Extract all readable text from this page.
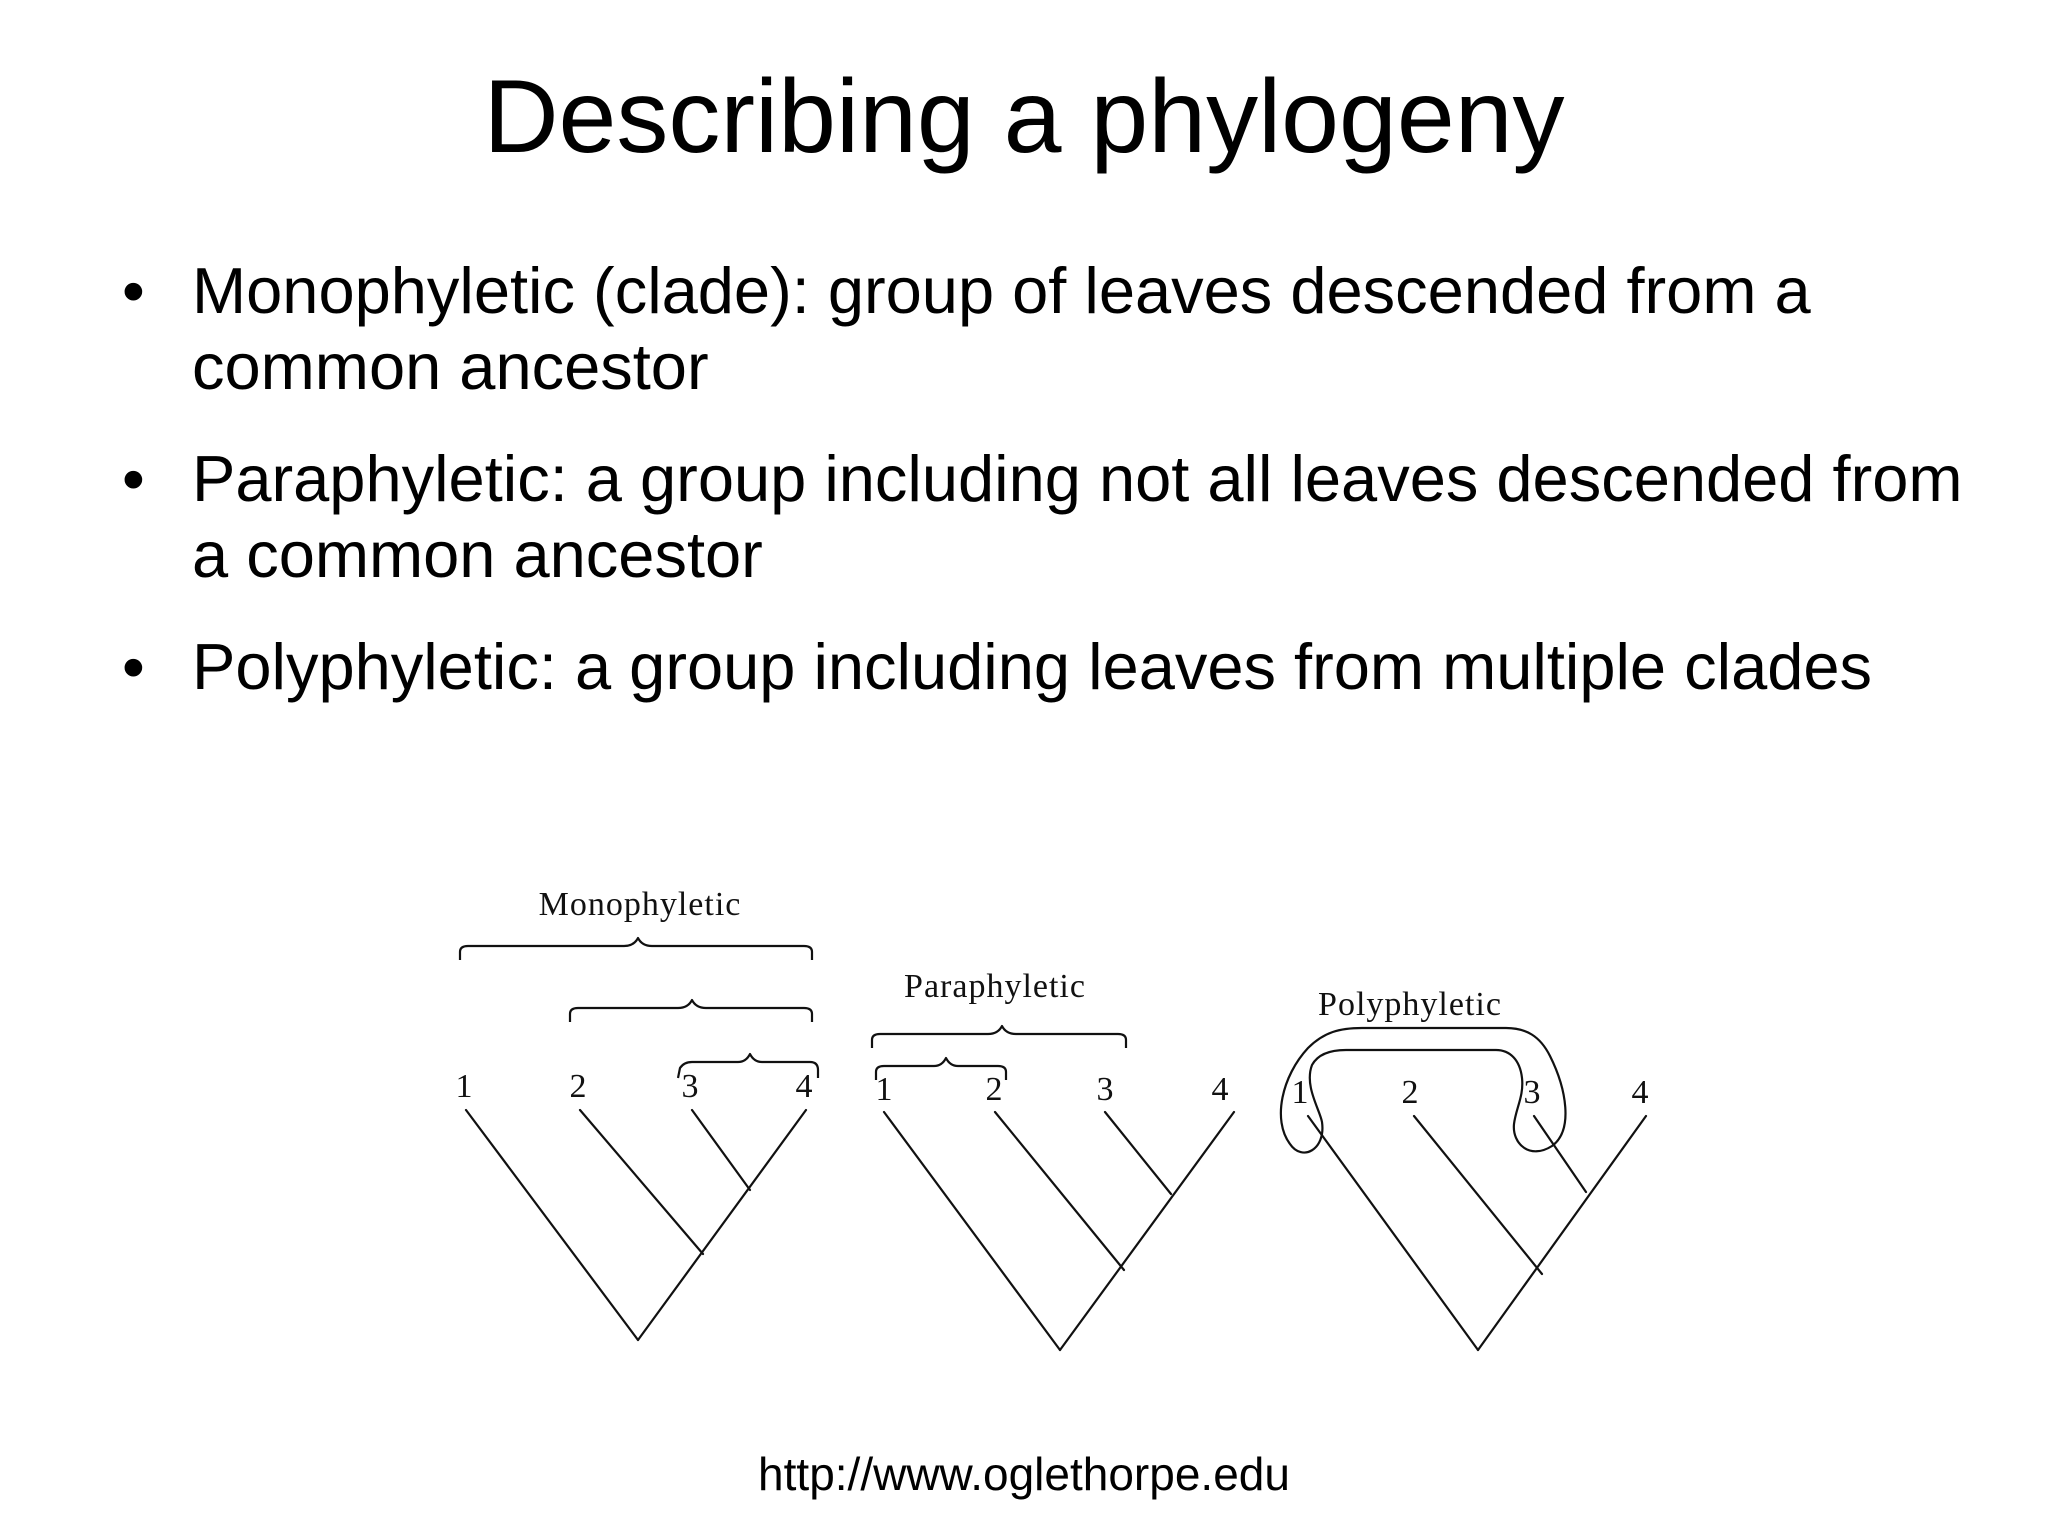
Describing a phylogeny
• Monophyletic (clade): group of leaves descended from a common ancestor
• Paraphyletic: a group including not all leaves descended from a common ancestor
• Polyphyletic: a group including leaves from multiple clades
Monophyletic
1	2	3	4
Paraphyletic
1	2	3	4
Polyphyletic
1	2	3	4
http://www.oglethorpe.edu
